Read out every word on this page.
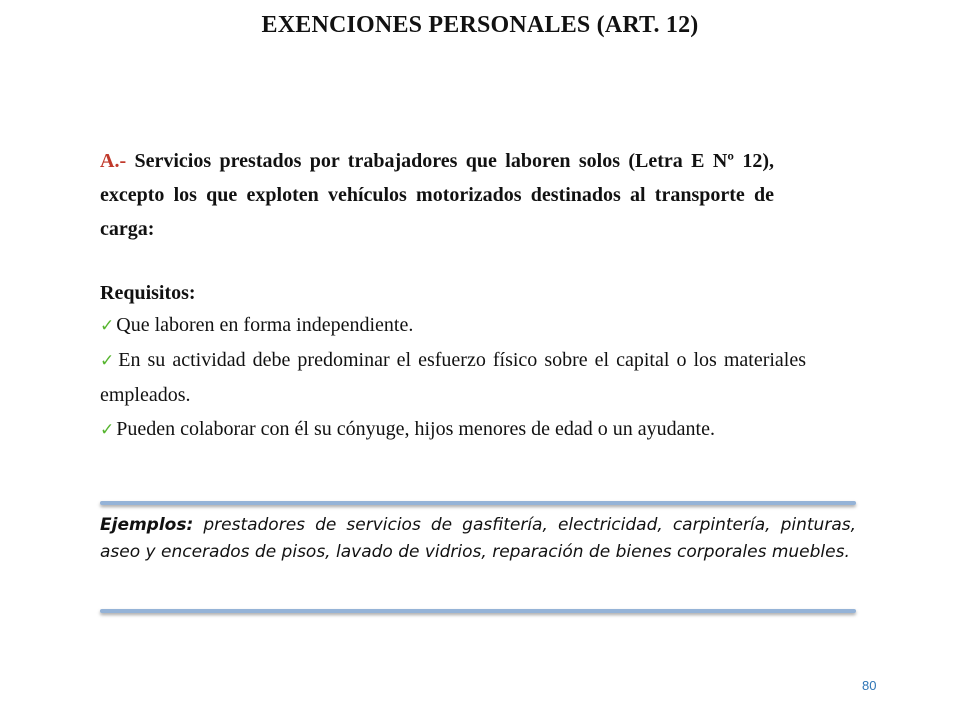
EXENCIONES PERSONALES (ART. 12)
A.- Servicios prestados por trabajadores que laboren solos (Letra E Nº 12), excepto los que exploten vehículos motorizados destinados al transporte de carga:
Requisitos:
✓ Que laboren en forma independiente.
✓ En su actividad debe predominar el esfuerzo físico sobre el capital o los materiales empleados.
✓ Pueden colaborar con él su cónyuge, hijos menores de edad o un ayudante.
Ejemplos: prestadores de servicios de gasfitería, electricidad, carpintería, pinturas, aseo y encerados de pisos, lavado de vidrios, reparación de bienes corporales muebles.
80
